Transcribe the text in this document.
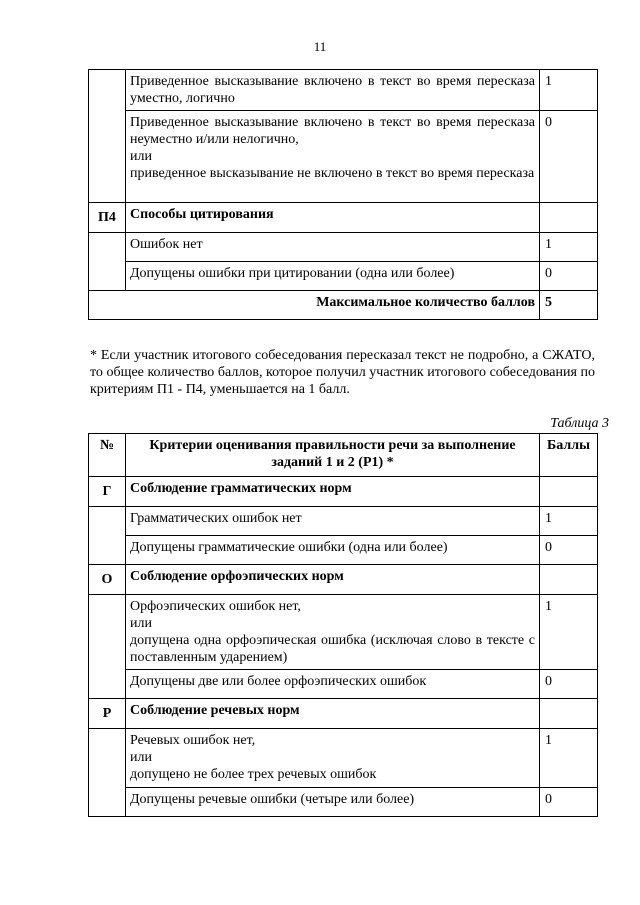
11
	Приведенное высказывание включено в текст во время пересказа уместно, логично	1
	Приведенное высказывание включено в текст во время пересказа неуместно и/или нелогично,
или
приведенное высказывание не включено в текст во время пересказа	0
П4	Способы цитирования	
	Ошибок нет	1
	Допущены ошибки при цитировании (одна или более)	0
Максимальное количество баллов		5
* Если участник итогового собеседования пересказал текст не подробно, а СЖАТО, то общее количество баллов, которое получил участник итогового собеседования по критериям П1 - П4, уменьшается на 1 балл.
Таблица 3
№	Критерии оценивания правильности речи за выполнение заданий 1 и 2 (Р1) *	Баллы
Г	Соблюдение грамматических норм	
	Грамматических ошибок нет	1
	Допущены грамматические ошибки (одна или более)	0
О	Соблюдение орфоэпических норм	
	Орфоэпических ошибок нет,
или
допущена одна орфоэпическая ошибка (исключая слово в тексте с поставленным ударением)	1
	Допущены две или более орфоэпических ошибок	0
Р	Соблюдение речевых норм	
	Речевых ошибок нет,
или
допущено не более трех речевых ошибок	1
	Допущены речевые ошибки (четыре или более)	0
